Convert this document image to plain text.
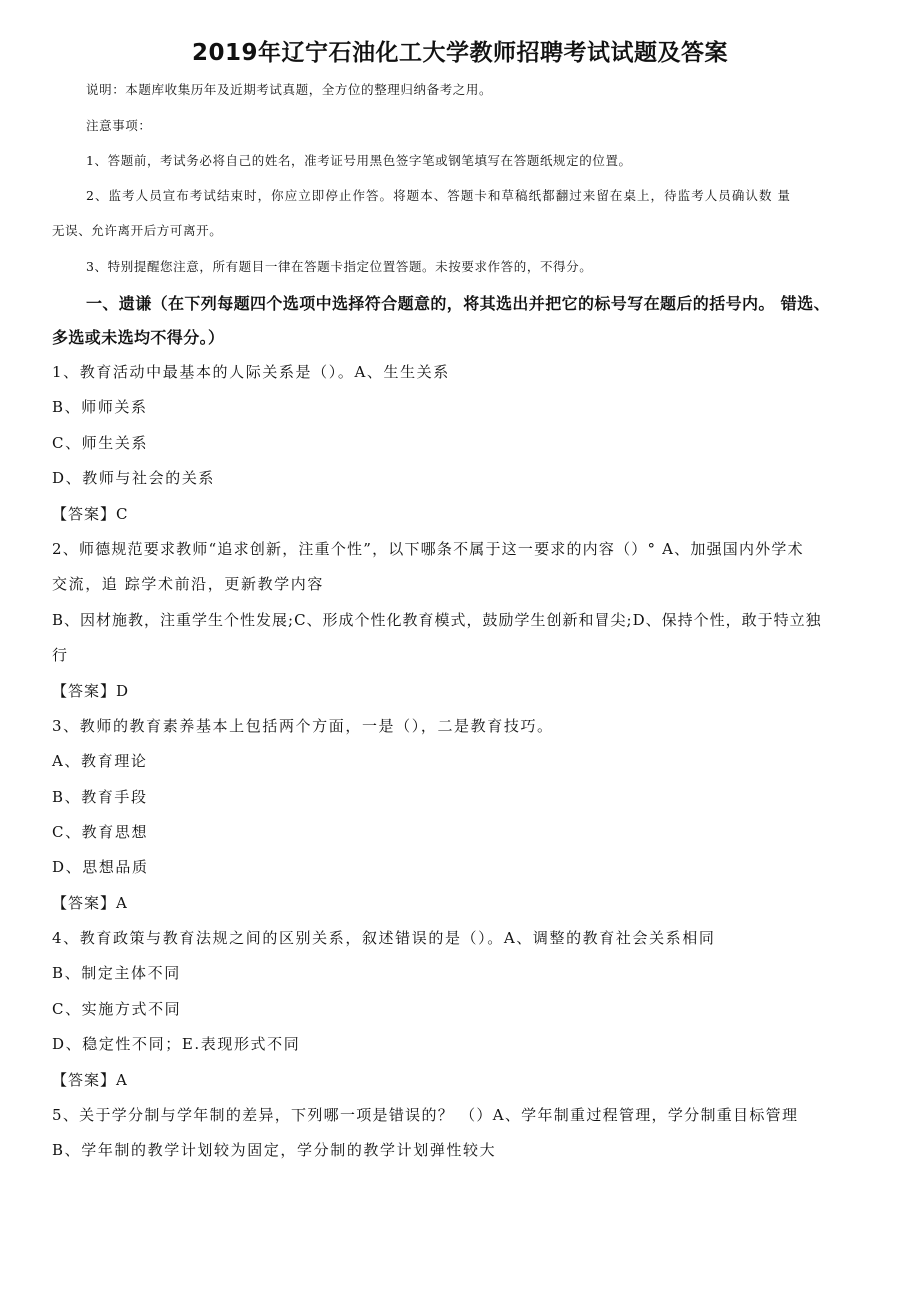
2019年辽宁石油化工大学教师招聘考试试题及答案
说明：本题库收集历年及近期考试真题，全方位的整理归纳备考之用。
注意事项：
1、答题前，考试务必将自己的姓名，准考证号用黑色签字笔或钢笔填写在答题纸规定的位置。
2、监考人员宣布考试结束时，你应立即停止作答。将题本、答题卡和草稿纸都翻过来留在桌上，待监考人员确认数 量
无误、允许离开后方可离开。
3、特别提醒您注意，所有题目一律在答题卡指定位置答题。未按要求作答的，不得分。
一、遗谦（在下列每题四个选项中选择符合题意的，将其选出并把它的标号写在题后的括号内。 错选、
多选或未选均不得分。）
1、教育活动中最基本的人际关系是（）。A、生生关系
B、师师关系
C、师生关系
D、教师与社会的关系
【答案】C
2、师德规范要求教师“追求创新，注重个性”，以下哪条不属于这一要求的内容（）° A、加强国内外学术
交流，追 踪学术前沿，更新教学内容
B、因材施教，注重学生个性发展;C、形成个性化教育模式，鼓励学生创新和冒尖;D、保持个性，敢于特立独
行
【答案】D
3、教师的教育素养基本上包括两个方面，一是（），二是教育技巧。
A、教育理论
B、教育手段
C、教育思想
D、思想品质
【答案】A
4、教育政策与教育法规之间的区别关系，叙述错误的是（）。A、调整的教育社会关系相同
B、制定主体不同
C、实施方式不同
D、稳定性不同；E.表现形式不同
【答案】A
5、关于学分制与学年制的差异，下列哪一项是错误的？ （）A、学年制重过程管理，学分制重目标管理
B、学年制的教学计划较为固定，学分制的教学计划弹性较大
